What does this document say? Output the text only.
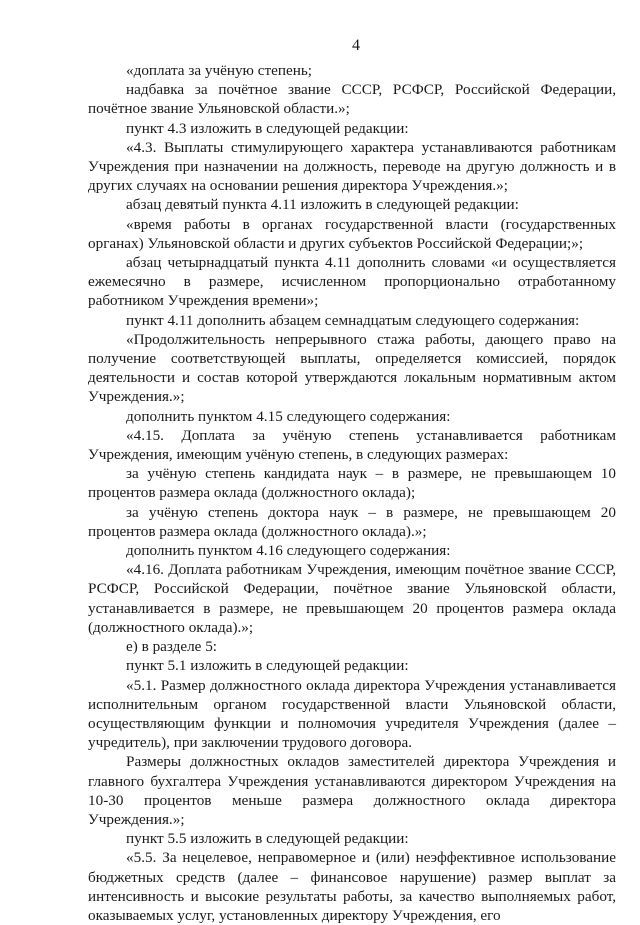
4

«доплата за учёную степень;

надбавка за почётное звание СССР, РСФСР, Российской Федерации, почётное звание Ульяновской области.»;

пункт 4.3 изложить в следующей редакции:

«4.3. Выплаты стимулирующего характера устанавливаются работникам Учреждения при назначении на должность, переводе на другую должность и в других случаях на основании решения директора Учреждения.»;

абзац девятый пункта 4.11 изложить в следующей редакции:

«время работы в органах государственной власти (государственных органах) Ульяновской области и других субъектов Российской Федерации;»;

абзац четырнадцатый пункта 4.11 дополнить словами «и осуществляется ежемесячно в размере, исчисленном пропорционально отработанному работником Учреждения времени»;

пункт 4.11 дополнить абзацем семнадцатым следующего содержания:

«Продолжительность непрерывного стажа работы, дающего право на получение соответствующей выплаты, определяется комиссией, порядок деятельности и состав которой утверждаются локальным нормативным актом Учреждения.»;

дополнить пунктом 4.15 следующего содержания:

«4.15. Доплата за учёную степень устанавливается работникам Учреждения, имеющим учёную степень, в следующих размерах:

за учёную степень кандидата наук – в размере, не превышающем 10 процентов размера оклада (должностного оклада);

за учёную степень доктора наук – в размере, не превышающем 20 процентов размера оклада (должностного оклада).»;

дополнить пунктом 4.16 следующего содержания:

«4.16. Доплата работникам Учреждения, имеющим почётное звание СССР, РСФСР, Российской Федерации, почётное звание Ульяновской области, устанавливается в размере, не превышающем 20 процентов размера оклада (должностного оклада).»;

е) в разделе 5:

пункт 5.1 изложить в следующей редакции:

«5.1. Размер должностного оклада директора Учреждения устанавливается исполнительным органом государственной власти Ульяновской области, осуществляющим функции и полномочия учредителя Учреждения (далее – учредитель), при заключении трудового договора.

Размеры должностных окладов заместителей директора Учреждения и главного бухгалтера Учреждения устанавливаются директором Учреждения на 10-30 процентов меньше размера должностного оклада директора Учреждения.»;

пункт 5.5 изложить в следующей редакции:

«5.5. За нецелевое, неправомерное и (или) неэффективное использование бюджетных средств (далее – финансовое нарушение) размер выплат за интенсивность и высокие результаты работы, за качество выполняемых работ, оказываемых услуг, установленных директору Учреждения, его
